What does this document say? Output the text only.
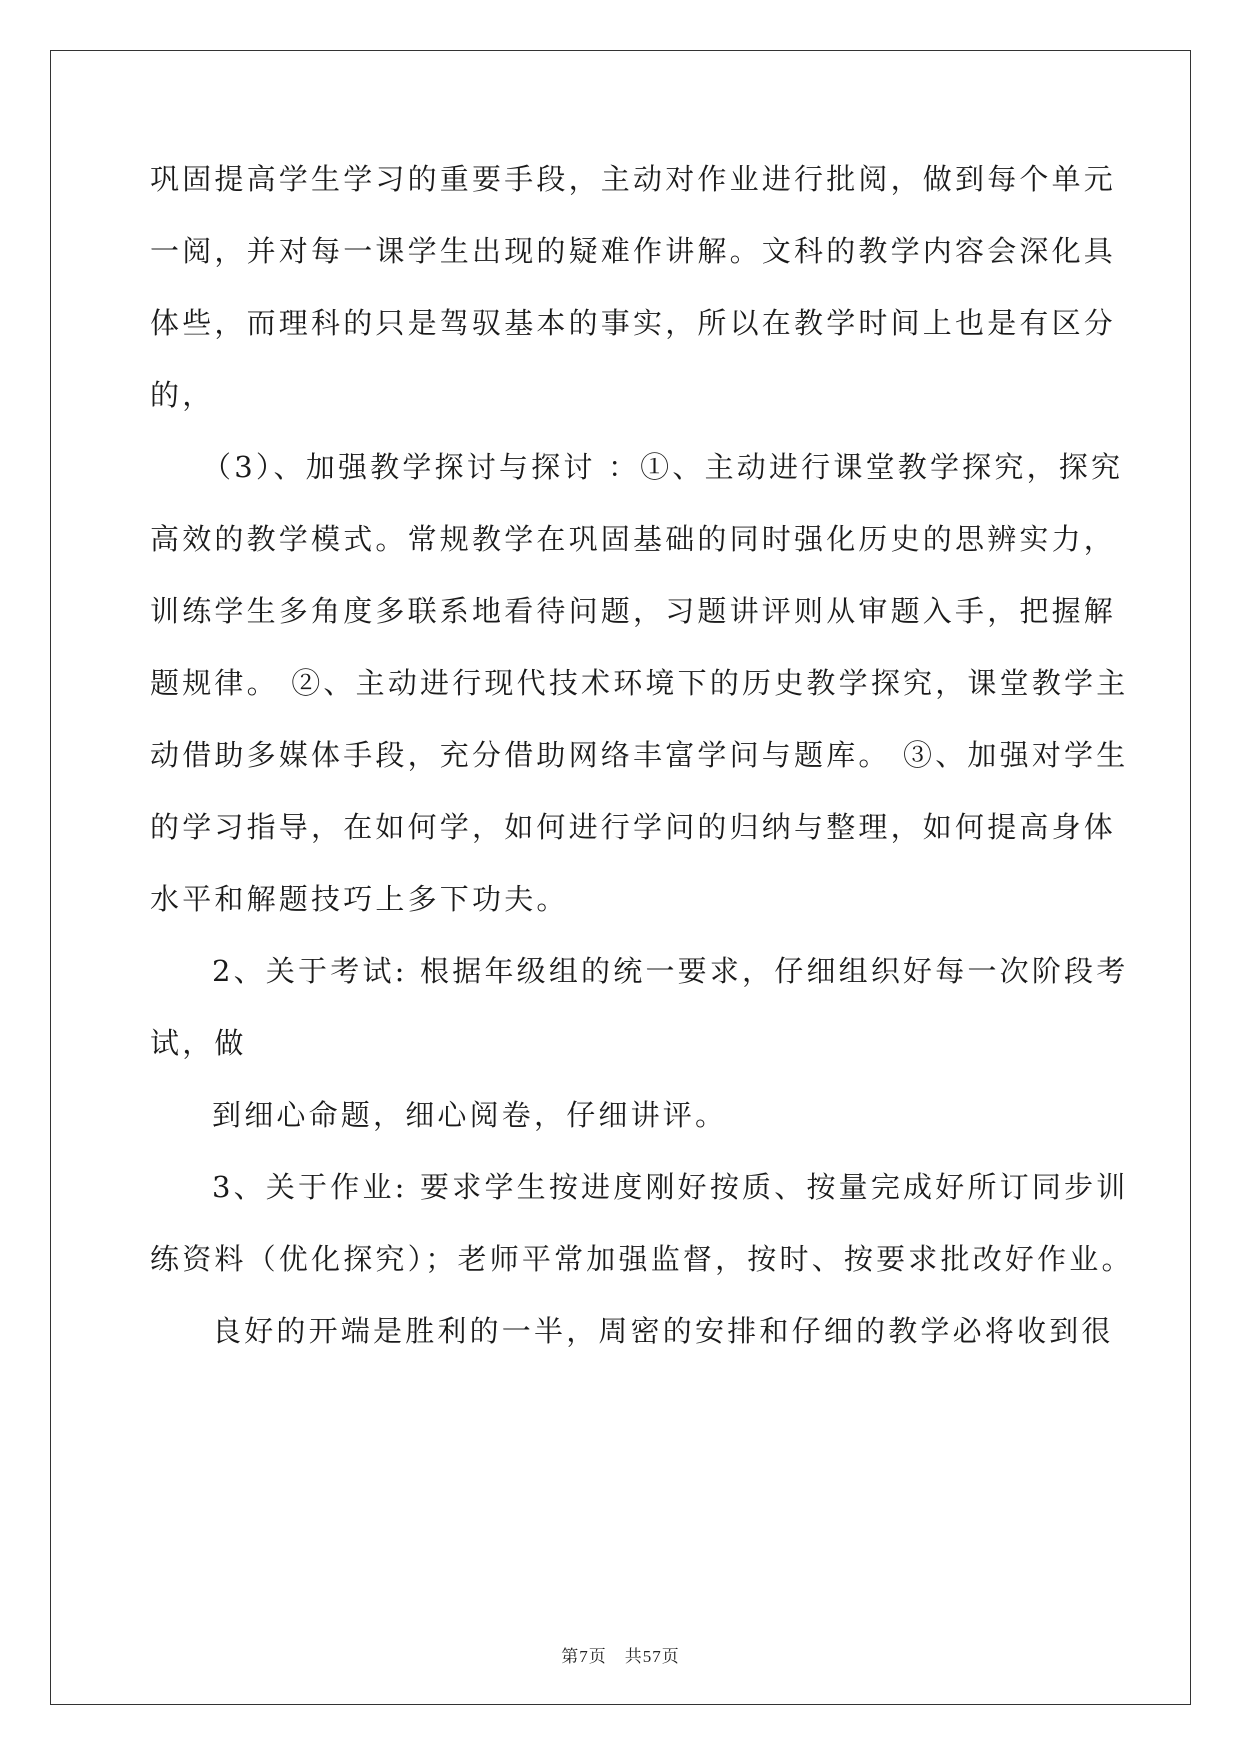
巩固提高学生学习的重要手段，主动对作业进行批阅，做到每个单元
一阅，并对每一课学生出现的疑难作讲解。文科的教学内容会深化具
体些，而理科的只是驾驭基本的事实，所以在教学时间上也是有区分
的，
（3）、加强教学探讨与探讨 ：①、主动进行课堂教学探究，探究
高效的教学模式。常规教学在巩固基础的同时强化历史的思辨实力，
训练学生多角度多联系地看待问题，习题讲评则从审题入手，把握解
题规律。 ②、主动进行现代技术环境下的历史教学探究，课堂教学主
动借助多媒体手段，充分借助网络丰富学问与题库。 ③、加强对学生
的学习指导，在如何学，如何进行学问的归纳与整理，如何提高身体
水平和解题技巧上多下功夫。
2、关于考试: 根据年级组的统一要求，仔细组织好每一次阶段考
试，做
到细心命题，细心阅卷，仔细讲评。
3、关于作业: 要求学生按进度刚好按质、按量完成好所订同步训
练资料（优化探究）；老师平常加强监督，按时、按要求批改好作业。
良好的开端是胜利的一半，周密的安排和仔细的教学必将收到很
第7页　共57页
